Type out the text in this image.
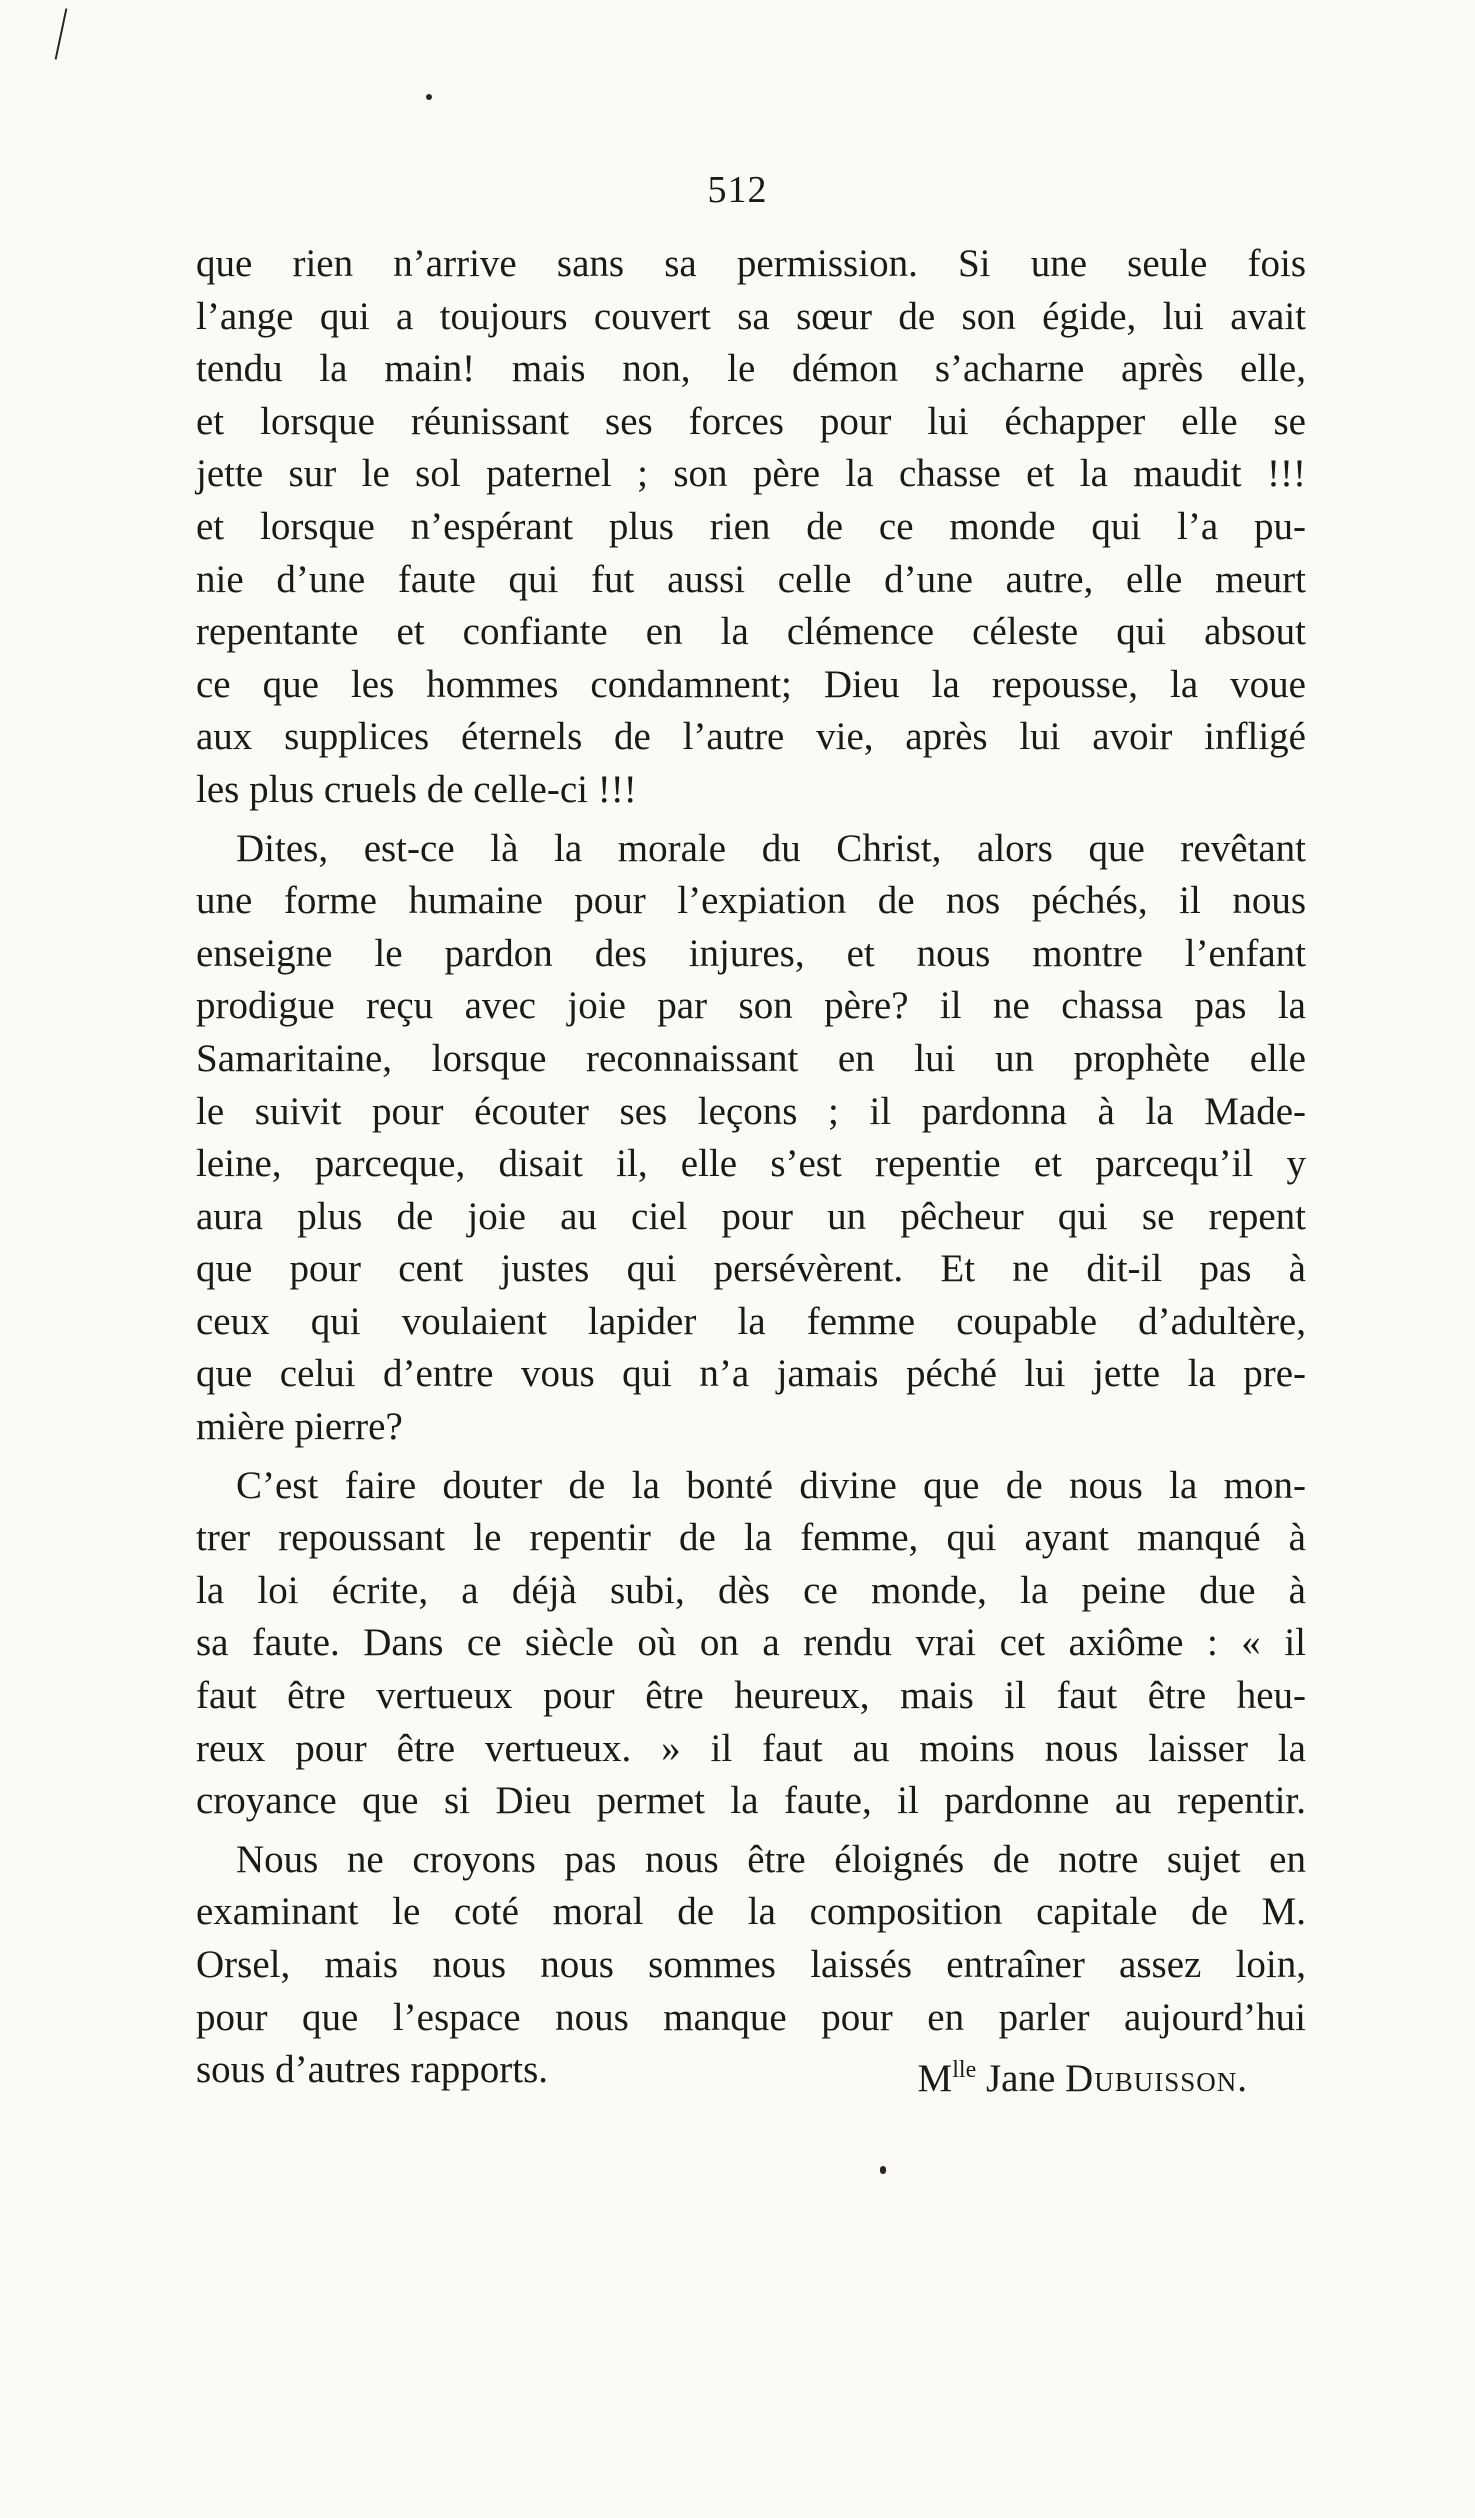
512
que rien n’arrive sans sa permission. Si une seule fois
l’ange qui a toujours couvert sa sœur de son égide, lui avait
tendu la main! mais non, le démon s’acharne après elle,
et lorsque réunissant ses forces pour lui échapper elle se
jette sur le sol paternel ; son père la chasse et la maudit !!!
et lorsque n’espérant plus rien de ce monde qui l’a pu-
nie d’une faute qui fut aussi celle d’une autre, elle meurt
repentante et confiante en la clémence céleste qui absout
ce que les hommes condamnent; Dieu la repousse, la voue
aux supplices éternels de l’autre vie, après lui avoir infligé
les plus cruels de celle-ci !!!
Dites, est-ce là la morale du Christ, alors que revêtant
une forme humaine pour l’expiation de nos péchés, il nous
enseigne le pardon des injures, et nous montre l’enfant
prodigue reçu avec joie par son père? il ne chassa pas la
Samaritaine, lorsque reconnaissant en lui un prophète elle
le suivit pour écouter ses leçons ; il pardonna à la Made-
leine, parceque, disait il, elle s’est repentie et parcequ’il y
aura plus de joie au ciel pour un pêcheur qui se repent
que pour cent justes qui persévèrent. Et ne dit-il pas à
ceux qui voulaient lapider la femme coupable d’adultère,
que celui d’entre vous qui n’a jamais péché lui jette la pre-
mière pierre?
C’est faire douter de la bonté divine que de nous la mon-
trer repoussant le repentir de la femme, qui ayant manqué à
la loi écrite, a déjà subi, dès ce monde, la peine due à
sa faute. Dans ce siècle où on a rendu vrai cet axiôme : « il
faut être vertueux pour être heureux, mais il faut être heu-
reux pour être vertueux. » il faut au moins nous laisser la
croyance que si Dieu permet la faute, il pardonne au repentir.
Nous ne croyons pas nous être éloignés de notre sujet en
examinant le coté moral de la composition capitale de M.
Orsel, mais nous nous sommes laissés entraîner assez loin,
pour que l’espace nous manque pour en parler aujourd’hui
sous d’autres rapports.	$M^{lle}$ Jane Dubuisson.
